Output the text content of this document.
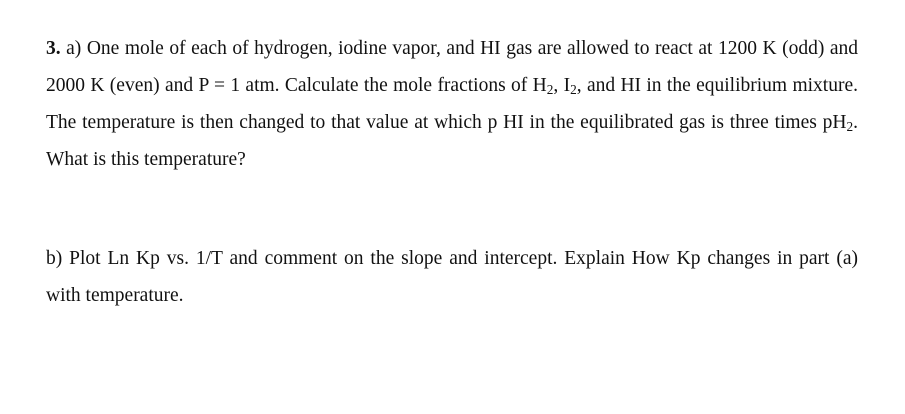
3. a) One mole of each of hydrogen, iodine vapor, and HI gas are allowed to react at 1200 K (odd) and 2000 K (even) and P = 1 atm. Calculate the mole fractions of $H_2$, $I_2$, and HI in the equilibrium mixture. The temperature is then changed to that value at which p HI in the equilibrated gas is three times $pH_2$. What is this temperature?
b) Plot Ln Kp vs. 1/T and comment on the slope and intercept. Explain How Kp changes in part (a) with temperature.
